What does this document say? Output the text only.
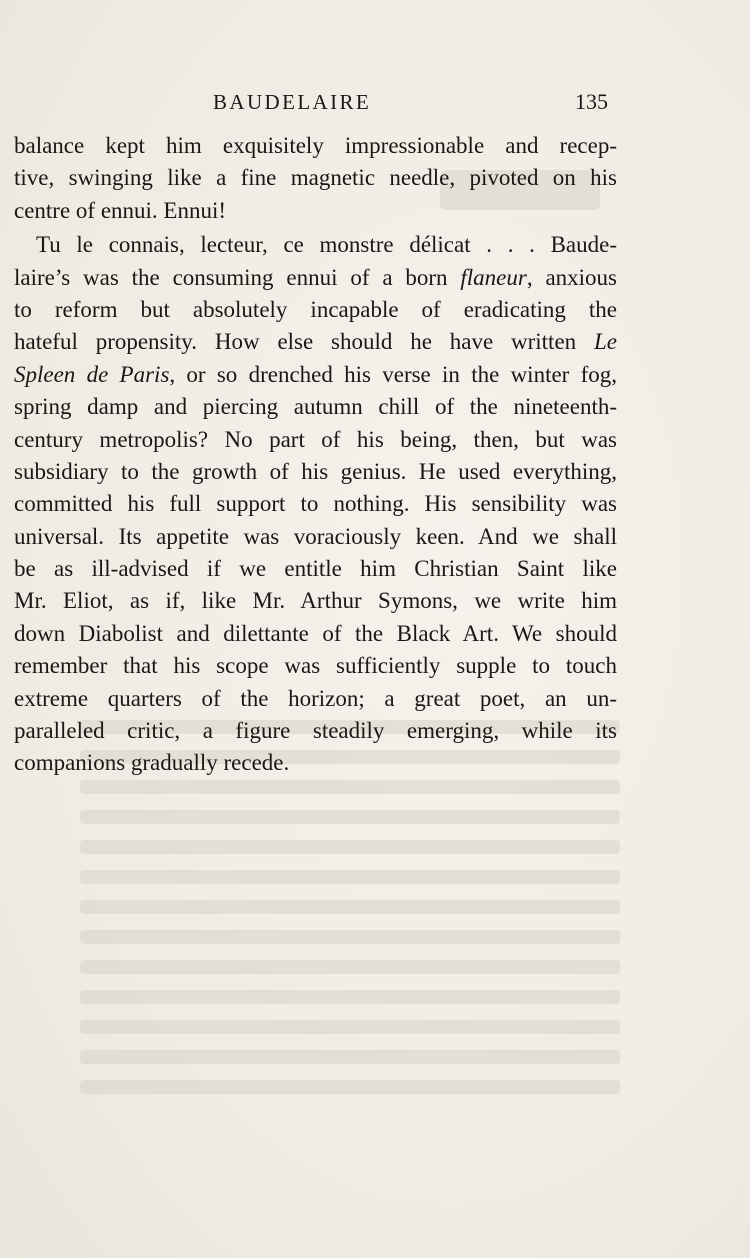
BAUDELAIRE	135
balance kept him exquisitely impressionable and recep-
tive, swinging like a fine magnetic needle, pivoted on his
centre of ennui. Ennui!
Tu le connais, lecteur, ce monstre délicat . . . Baude-
laire’s was the consuming ennui of a born flaneur, anxious
to reform but absolutely incapable of eradicating the
hateful propensity. How else should he have written Le
Spleen de Paris, or so drenched his verse in the winter fog,
spring damp and piercing autumn chill of the nineteenth-
century metropolis? No part of his being, then, but was
subsidiary to the growth of his genius. He used everything,
committed his full support to nothing. His sensibility was
universal. Its appetite was voraciously keen. And we shall
be as ill-advised if we entitle him Christian Saint like
Mr. Eliot, as if, like Mr. Arthur Symons, we write him
down Diabolist and dilettante of the Black Art. We should
remember that his scope was sufficiently supple to touch
extreme quarters of the horizon; a great poet, an un-
paralleled critic, a figure steadily emerging, while its
companions gradually recede.
